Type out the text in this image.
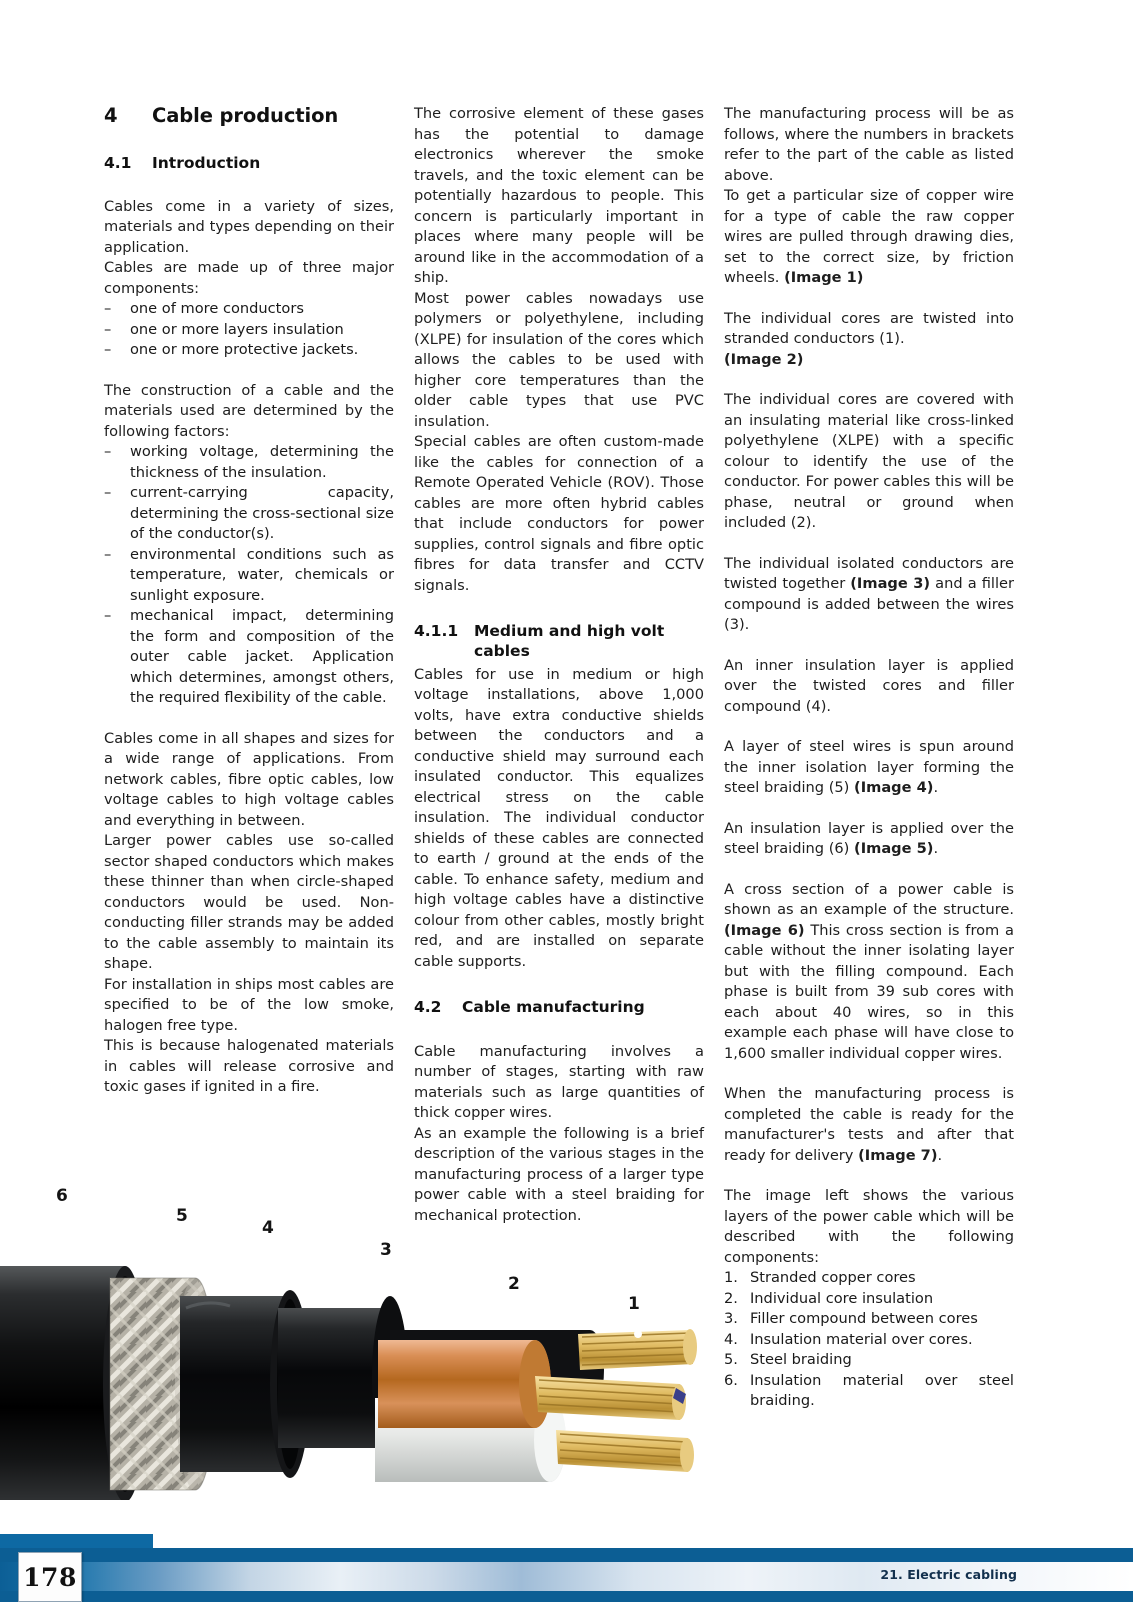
4	Cable production
4.1	Introduction

Cables come in a variety of sizes, materials and types depending on their application.

Cables are made up of three major components:

–	one of more conductors
–	one or more layers insulation
–	one or more protective jackets.

The construction of a cable and the materials used are determined by the following factors:

–	working voltage, determining the thickness of the insulation.
–	current-carrying capacity, determining the cross-sectional size of the conductor(s).
–	environmental conditions such as temperature, water, chemicals or sunlight exposure.
–	mechanical impact, determining the form and composition of the outer cable jacket. Application which determines, amongst others, the required flexibility of the cable.

Cables come in all shapes and sizes for a wide range of applications. From network cables, fibre optic cables, low voltage cables to high voltage cables and everything in between.

Larger power cables use so-called sector shaped conductors which makes these thinner than when circle-shaped conductors would be used. Non-conducting filler strands may be added to the cable assembly to maintain its shape.

For installation in ships most cables are specified to be of the low smoke, halogen free type.

This is because halogenated materials in cables will release corrosive and toxic gases if ignited in a fire.

The corrosive element of these gases has the potential to damage electronics wherever the smoke travels, and the toxic element can be potentially hazardous to people. This concern is particularly important in places where many people will be around like in the accommodation of a ship.

Most power cables nowadays use polymers or polyethylene, including (XLPE) for insulation of the cores which allows the cables to be used with higher core temperatures than the older cable types that use PVC insulation.

Special cables are often custom-made like the cables for connection of a Remote Operated Vehicle (ROV). Those cables are more often hybrid cables that include conductors for power supplies, control signals and fibre optic fibres for data transfer and CCTV signals.

4.1.1	Medium and high volt cables

Cables for use in medium or high voltage installations, above 1,000 volts, have extra conductive shields between the conductors and a conductive shield may surround each insulated conductor. This equalizes electrical stress on the cable insulation. The individual conductor shields of these cables are connected to earth / ground at the ends of the cable. To enhance safety, medium and high voltage cables have a distinctive colour from other cables, mostly bright red, and are installed on separate cable supports.

4.2	Cable manufacturing

Cable manufacturing involves a number of stages, starting with raw materials such as large quantities of thick copper wires.

As an example the following is a brief description of the various stages in the manufacturing process of a larger type power cable with a steel braiding for mechanical protection.

The manufacturing process will be as follows, where the numbers in brackets refer to the part of the cable as listed above.

To get a particular size of copper wire for a type of cable the raw copper wires are pulled through drawing dies, set to the correct size, by friction wheels. (Image 1)

The individual cores are twisted into stranded conductors (1).
(Image 2)

The individual cores are covered with an insulating material like cross-linked polyethylene (XLPE) with a specific colour to identify the use of the conductor. For power cables this will be phase, neutral or ground when included (2).

The individual isolated conductors are twisted together (Image 3) and a filler compound is added between the wires (3).

An inner insulation layer is applied over the twisted cores and filler compound (4).

A layer of steel wires is spun around the inner isolation layer forming the steel braiding (5) (Image 4).

An insulation layer is applied over the steel braiding (6) (Image 5).

A cross section of a power cable is shown as an example of the structure. (Image 6) This cross section is from a cable without the inner isolating layer but with the filling compound. Each phase is built from 39 sub cores with each about 40 wires, so in this example each phase will have close to 1,600 smaller individual copper wires.

When the manufacturing process is completed the cable is ready for the manufacturer's tests and after that ready for delivery (Image 7).

The image left shows the various layers of the power cable which will be described with the following components:

1. Stranded copper cores
2. Individual core insulation
3. Filler compound between cores
4. Insulation material over cores.
5. Steel braiding
6. Insulation material over steel braiding.
6
5
4
3
2
1
178	21. Electric cabling
